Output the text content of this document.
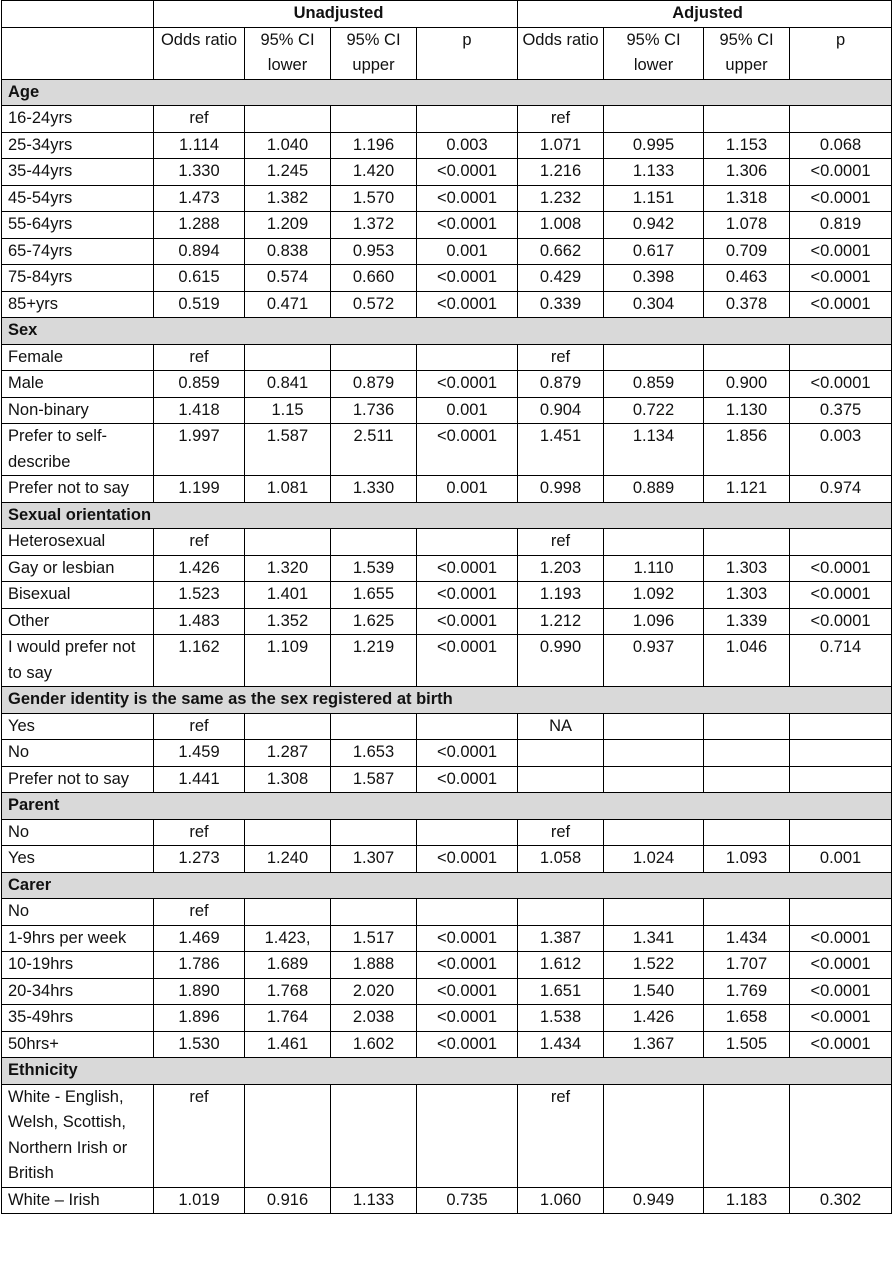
	Unadjusted				Adjusted			
	Odds ratio	95% CI lower	95% CI upper	p	Odds ratio	95% CI lower	95% CI upper	p
Age								
16-24yrs	ref				ref			
25-34yrs	1.114	1.040	1.196	0.003	1.071	0.995	1.153	0.068
35-44yrs	1.330	1.245	1.420	<0.0001	1.216	1.133	1.306	<0.0001
45-54yrs	1.473	1.382	1.570	<0.0001	1.232	1.151	1.318	<0.0001
55-64yrs	1.288	1.209	1.372	<0.0001	1.008	0.942	1.078	0.819
65-74yrs	0.894	0.838	0.953	0.001	0.662	0.617	0.709	<0.0001
75-84yrs	0.615	0.574	0.660	<0.0001	0.429	0.398	0.463	<0.0001
85+yrs	0.519	0.471	0.572	<0.0001	0.339	0.304	0.378	<0.0001
Sex								
Female	ref				ref			
Male	0.859	0.841	0.879	<0.0001	0.879	0.859	0.900	<0.0001
Non-binary	1.418	1.15	1.736	0.001	0.904	0.722	1.130	0.375
Prefer to self-describe	1.997	1.587	2.511	<0.0001	1.451	1.134	1.856	0.003
Prefer not to say	1.199	1.081	1.330	0.001	0.998	0.889	1.121	0.974
Sexual orientation								
Heterosexual	ref				ref			
Gay or lesbian	1.426	1.320	1.539	<0.0001	1.203	1.110	1.303	<0.0001
Bisexual	1.523	1.401	1.655	<0.0001	1.193	1.092	1.303	<0.0001
Other	1.483	1.352	1.625	<0.0001	1.212	1.096	1.339	<0.0001
I would prefer not to say	1.162	1.109	1.219	<0.0001	0.990	0.937	1.046	0.714
Gender identity is the same as the sex registered at birth								
Yes	ref				NA			
No	1.459	1.287	1.653	<0.0001				
Prefer not to say	1.441	1.308	1.587	<0.0001				
Parent								
No	ref				ref			
Yes	1.273	1.240	1.307	<0.0001	1.058	1.024	1.093	0.001
Carer								
No	ref							
1-9hrs per week	1.469	1.423,	1.517	<0.0001	1.387	1.341	1.434	<0.0001
10-19hrs	1.786	1.689	1.888	<0.0001	1.612	1.522	1.707	<0.0001
20-34hrs	1.890	1.768	2.020	<0.0001	1.651	1.540	1.769	<0.0001
35-49hrs	1.896	1.764	2.038	<0.0001	1.538	1.426	1.658	<0.0001
50hrs+	1.530	1.461	1.602	<0.0001	1.434	1.367	1.505	<0.0001
Ethnicity								
White - English, Welsh, Scottish, Northern Irish or British	ref				ref			
White – Irish	1.019	0.916	1.133	0.735	1.060	0.949	1.183	0.302
